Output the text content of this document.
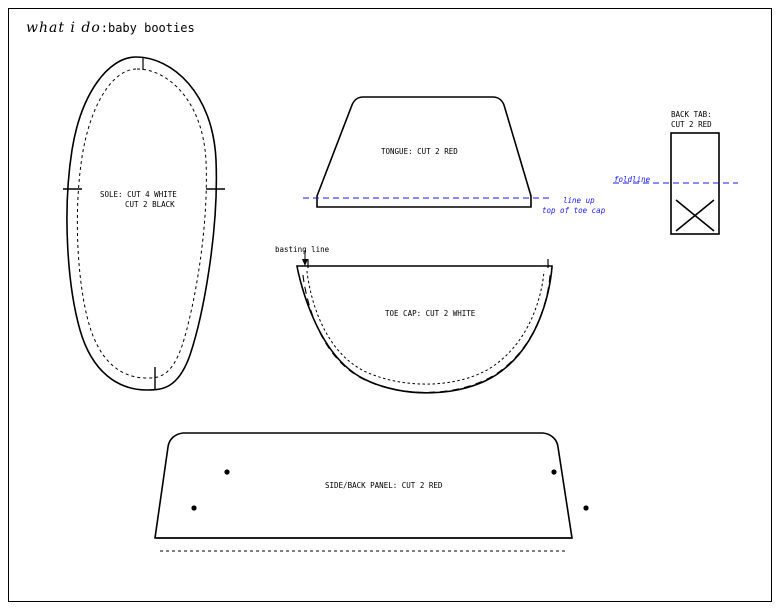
what i do:baby booties
SOLE: CUT 4 WHITE
CUT 2 BLACK
TONGUE: CUT 2 RED
line up
top of toe cap
TOE CAP: CUT 2 WHITE
basting line
BACK TAB:
CUT 2 RED
foldline
SIDE/BACK PANEL: CUT 2 RED
